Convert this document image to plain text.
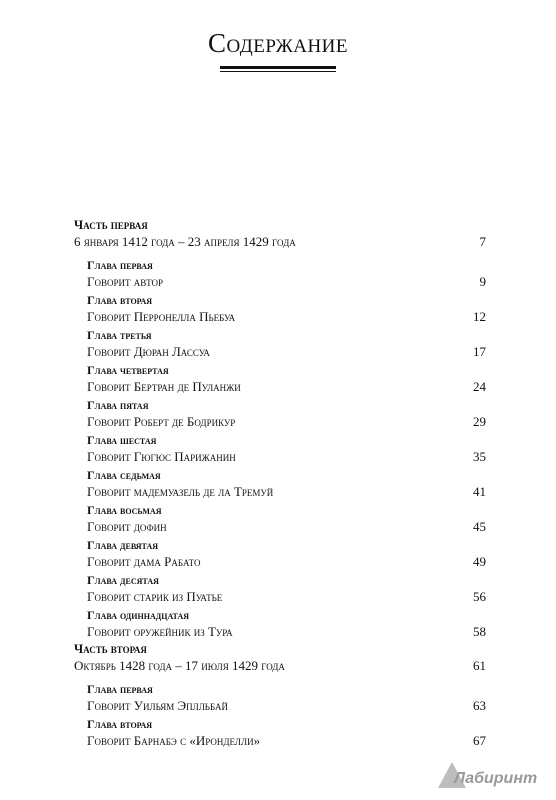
Содержание
Часть первая
6 января 1412 года – 23 апреля 1429 года	7
Глава первая
Говорит автор	9
Глава вторая
Говорит Перронелла Пьебуа	12
Глава третья
Говорит Дюран Лассуа	17
Глава четвертая
Говорит Бертран де Пуланжи	24
Глава пятая
Говорит Роберт де Бодрикур	29
Глава шестая
Говорит Гюгюс Парижанин	35
Глава седьмая
Говорит мадемуазель де ла Тремуй	41
Глава восьмая
Говорит дофин	45
Глава девятая
Говорит дама Рабато	49
Глава десятая
Говорит старик из Пуатье	56
Глава одиннадцатая
Говорит оружейник из Тура	58
Часть вторая
Октябрь 1428 года – 17 июля 1429 года	61
Глава первая
Говорит Уильям Эплльбай	63
Глава вторая
Говорит Барнабэ с «Иронделли»	67
Лабиринт
